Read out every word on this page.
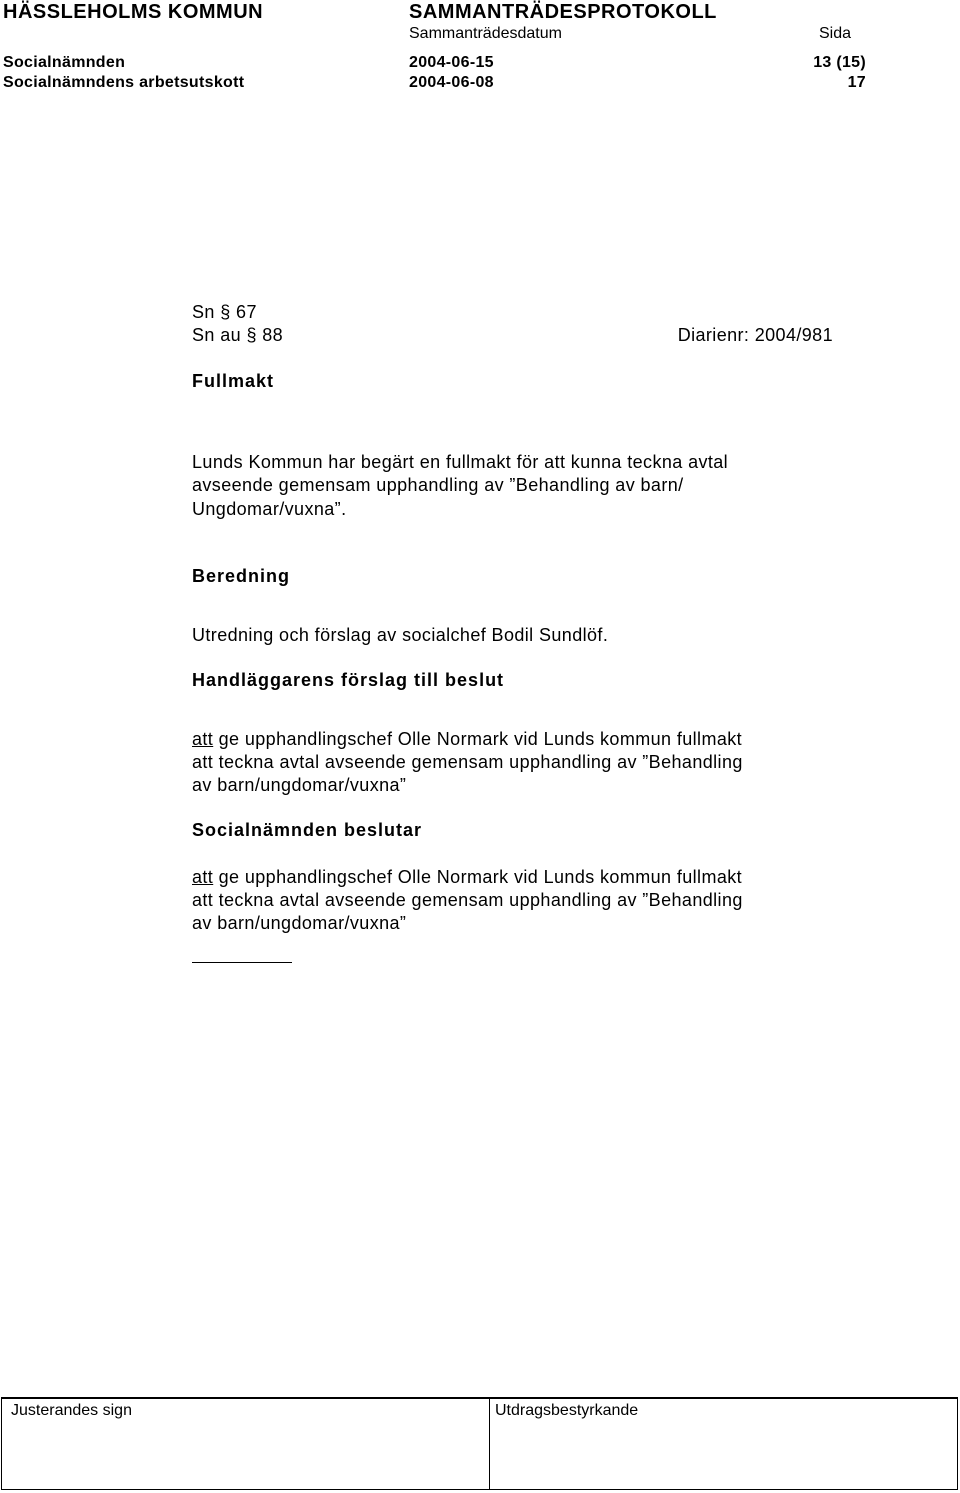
HÄSSLEHOLMS KOMMUN	SAMMANTRÄDESPROTOKOLL
Sammanträdesdatum	Sida
Socialnämnden	2004-06-15	13 (15)
Socialnämndens arbetsutskott	2004-06-08	17
Sn § 67
Sn au § 88	Diarienr: 2004/981
Fullmakt
Lunds Kommun har begärt en fullmakt för att kunna teckna avtal
avseende gemensam upphandling av ”Behandling av barn/
Ungdomar/vuxna”.
Beredning
Utredning och förslag av socialchef Bodil Sundlöf.
Handläggarens förslag till beslut
att ge upphandlingschef Olle Normark vid Lunds kommun fullmakt
att teckna avtal avseende gemensam upphandling av ”Behandling
av barn/ungdomar/vuxna”
Socialnämnden beslutar
att ge upphandlingschef Olle Normark vid Lunds kommun fullmakt
att teckna avtal avseende gemensam upphandling av ”Behandling
av barn/ungdomar/vuxna”
Justerandes sign	Utdragsbestyrkande
